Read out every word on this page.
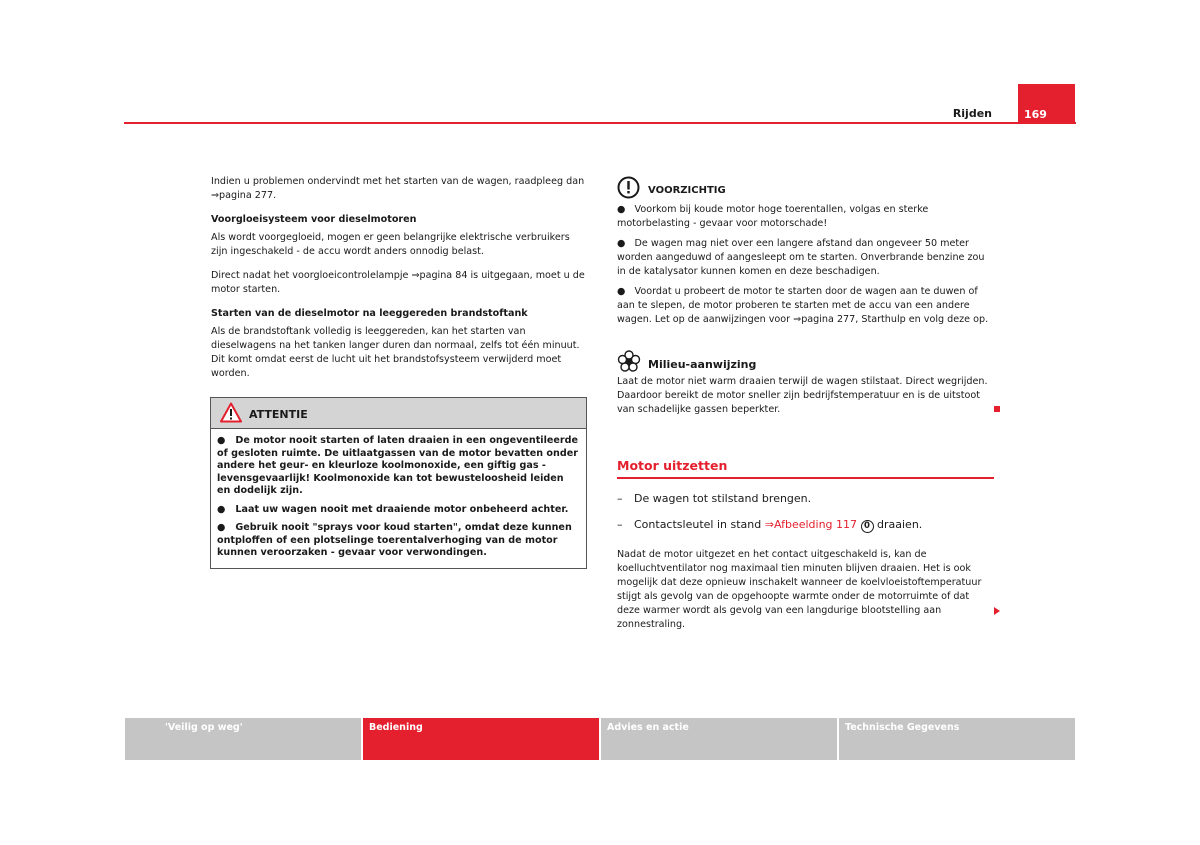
Rijden	169

Indien u problemen ondervindt met het starten van de wagen, raadpleeg dan ⇒pagina 277.

Voorgloeisysteem voor dieselmotoren

Als wordt voorgegloeid, mogen er geen belangrijke elektrische verbruikers zijn ingeschakeld - de accu wordt anders onnodig belast.

Direct nadat het voorgloeicontrolelampje ⇒pagina 84 is uitgegaan, moet u de motor starten.

Starten van de dieselmotor na leeggereden brandstoftank

Als de brandstoftank volledig is leeggereden, kan het starten van dieselwagens na het tanken langer duren dan normaal, zelfs tot één minuut. Dit komt omdat eerst de lucht uit het brandstofsysteem verwijderd moet worden.

ATTENTIE
●   De motor nooit starten of laten draaien in een ongeventileerde of gesloten ruimte. De uitlaatgassen van de motor bevatten onder andere het geur- en kleurloze koolmonoxide, een giftig gas - levensgevaarlijk! Koolmonoxide kan tot bewusteloosheid leiden en dodelijk zijn.
●   Laat uw wagen nooit met draaiende motor onbeheerd achter.
●   Gebruik nooit "sprays voor koud starten", omdat deze kunnen ontploffen of een plotselinge toerentalverhoging van de motor kunnen veroorzaken - gevaar voor verwondingen.
VOORZICHTIG
●   Voorkom bij koude motor hoge toerentallen, volgas en sterke motorbelasting - gevaar voor motorschade!
●   De wagen mag niet over een langere afstand dan ongeveer 50 meter worden aangeduwd of aangesleept om te starten. Onverbrande benzine zou in de katalysator kunnen komen en deze beschadigen.
●   Voordat u probeert de motor te starten door de wagen aan te duwen of aan te slepen, de motor proberen te starten met de accu van een andere wagen. Let op de aanwijzingen voor ⇒pagina 277, Starthulp en volg deze op.
Milieu-aanwijzing
Laat de motor niet warm draaien terwijl de wagen stilstaat. Direct wegrijden. Daardoor bereikt de motor sneller zijn bedrijfstemperatuur en is de uitstoot van schadelijke gassen beperkter.
Motor uitzetten
– De wagen tot stilstand brengen.
– Contactsleutel in stand ⇒Afbeelding 117 0 draaien.
Nadat de motor uitgezet en het contact uitgeschakeld is, kan de koelluchtventilator nog maximaal tien minuten blijven draaien. Het is ook mogelijk dat deze opnieuw inschakelt wanneer de koelvloeistoftemperatuur stijgt als gevolg van de opgehoopte warmte onder de motorruimte of dat deze warmer wordt als gevolg van een langdurige blootstelling aan zonnestraling.
'Veilig op weg'	Bediening	Advies en actie	Technische Gegevens
